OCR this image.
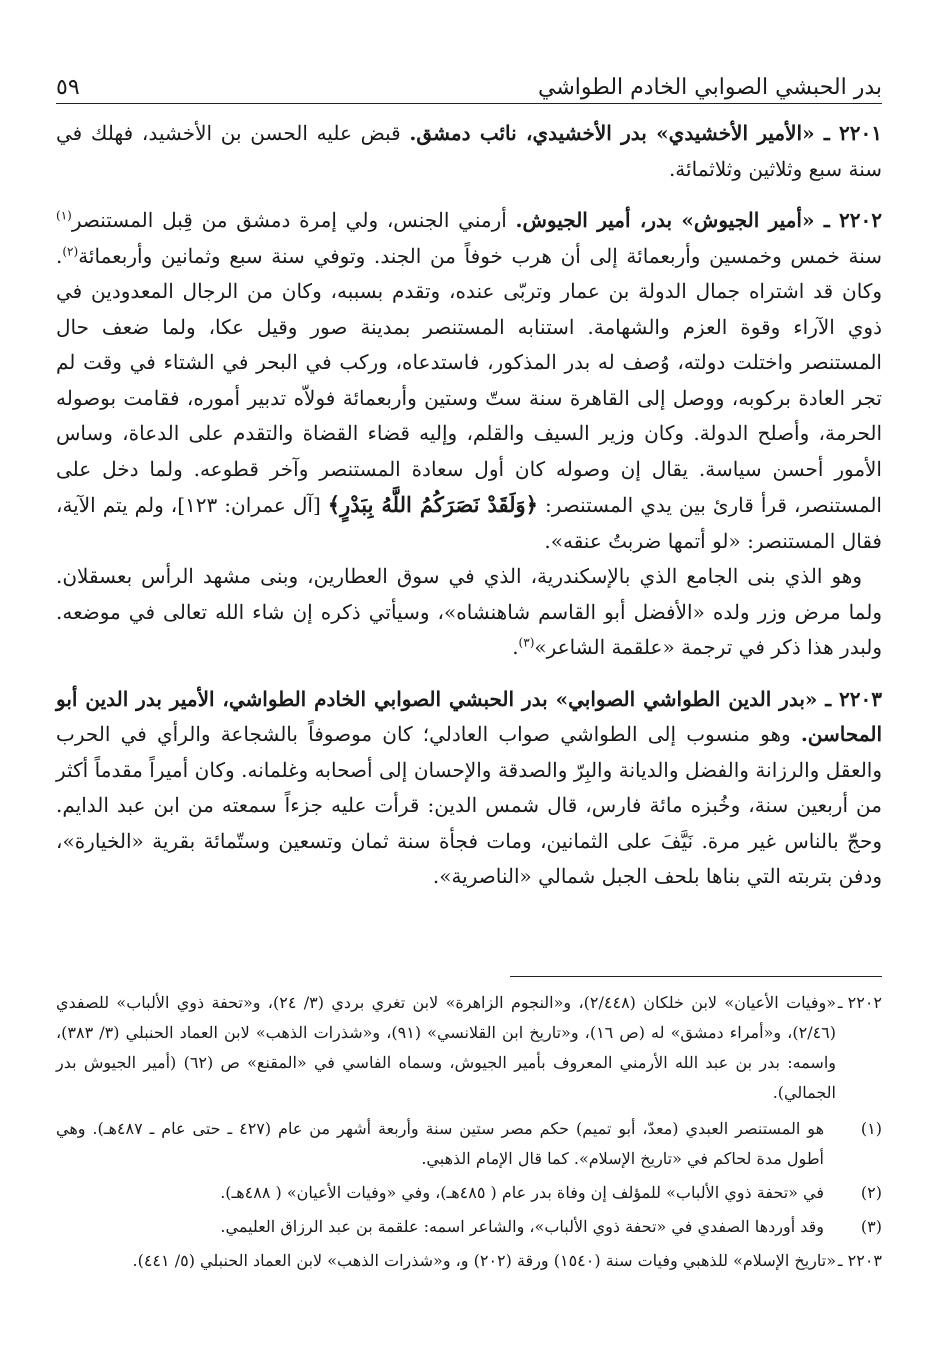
بدر الحبشي الصوابي الخادم الطواشي
٥٩

٢٢٠١ ـ «الأمير الأخشيدي» بدر الأخشيدي، نائب دمشق. قبض عليه الحسن بن الأخشيد، فهلك في سنة سبع وثلاثين وثلاثمائة.

٢٢٠٢ ـ «أمير الجيوش» بدر، أمير الجيوش. أرمني الجنس، ولي إمرة دمشق من قِبل المستنصر$^{(١)}$ سنة خمس وخمسين وأربعمائة إلى أن هرب خوفاً من الجند. وتوفي سنة سبع وثمانين وأربعمائة$^{(٢)}$. وكان قد اشتراه جمال الدولة بن عمار وتربّى عنده، وتقدم بسببه، وكان من الرجال المعدودين في ذوي الآراء وقوة العزم والشهامة. استنابه المستنصر بمدينة صور وقيل عكا، ولما ضعف حال المستنصر واختلت دولته، وُصف له بدر المذكور، فاستدعاه، وركب في البحر في الشتاء في وقت لم تجر العادة بركوبه، ووصل إلى القاهرة سنة ستّ وستين وأربعمائة فولاّه تدبير أموره، فقامت بوصوله الحرمة، وأصلح الدولة. وكان وزير السيف والقلم، وإليه قضاء القضاة والتقدم على الدعاة، وساس الأمور أحسن سياسة. يقال إن وصوله كان أول سعادة المستنصر وآخر قطوعه. ولما دخل على المستنصر، قرأ قارئ بين يدي المستنصر: ﴿وَلَقَدْ نَصَرَكُمُ اللَّهُ بِبَدْرٍ﴾ [آل عمران: ١٢٣]، ولم يتم الآية، فقال المستنصر: «لو أتمها ضربتُ عنقه».

 وهو الذي بنى الجامع الذي بالإسكندرية، الذي في سوق العطارين، وبنى مشهد الرأس بعسقلان. ولما مرض وزر ولده «الأفضل أبو القاسم شاهنشاه»، وسيأتي ذكره إن شاء الله تعالى في موضعه. ولبدر هذا ذكر في ترجمة «علقمة الشاعر»$^{(٣)}$.

٢٢٠٣ ـ «بدر الدين الطواشي الصوابي» بدر الحبشي الصوابي الخادم الطواشي، الأمير بدر الدين أبو المحاسن. وهو منسوب إلى الطواشي صواب العادلي؛ كان موصوفاً بالشجاعة والرأي في الحرب والعقل والرزانة والفضل والديانة والبِرّ والصدقة والإحسان إلى أصحابه وغلمانه. وكان أميراً مقدماً أكثر من أربعين سنة، وخُبزه مائة فارس، قال شمس الدين: قرأت عليه جزءاً سمعته من ابن عبد الدايم. وحجّ بالناس غير مرة. نَيَّفَ على الثمانين، ومات فجأة سنة ثمان وتسعين وستّمائة بقرية «الخيارة»، ودفن بتربته التي بناها بلحف الجبل شمالي «الناصرية».

٢٢٠٢ ـ
«وفيات الأعيان» لابن خلكان (٢/٤٤٨)، و«النجوم الزاهرة» لابن تغري بردي (٣/ ٢٤)، و«تحفة ذوي الألباب» للصفدي (٢/٤٦)، و«أمراء دمشق» له (ص ١٦)، و«تاريخ ابن القلانسي» (٩١)، و«شذرات الذهب» لابن العماد الحنبلي (٣/ ٣٨٣)، واسمه: بدر بن عبد الله الأرمني المعروف بأمير الجيوش، وسماه الفاسي في «المقنع» ص (٦٢) (أمير الجيوش بدر الجمالي).
(١)
هو المستنصر العبدي (معدّ، أبو تميم) حكم مصر ستين سنة وأربعة أشهر من عام (٤٢٧ ـ حتى عام ـ ٤٨٧هـ). وهي أطول مدة لحاكم في «تاريخ الإسلام». كما قال الإمام الذهبي.
(٢)
في «تحفة ذوي الألباب» للمؤلف إن وفاة بدر عام ( ٤٨٥هـ)، وفي «وفيات الأعيان» ( ٤٨٨هـ).
(٣)
وقد أوردها الصفدي في «تحفة ذوي الألباب»، والشاعر اسمه: علقمة بن عبد الرزاق العليمي.
٢٢٠٣ ـ
«تاريخ الإسلام» للذهبي وفيات سنة (١٥٤٠) ورقة (٢٠٢) و، و«شذرات الذهب» لابن العماد الحنبلي (٥/ ٤٤١).
